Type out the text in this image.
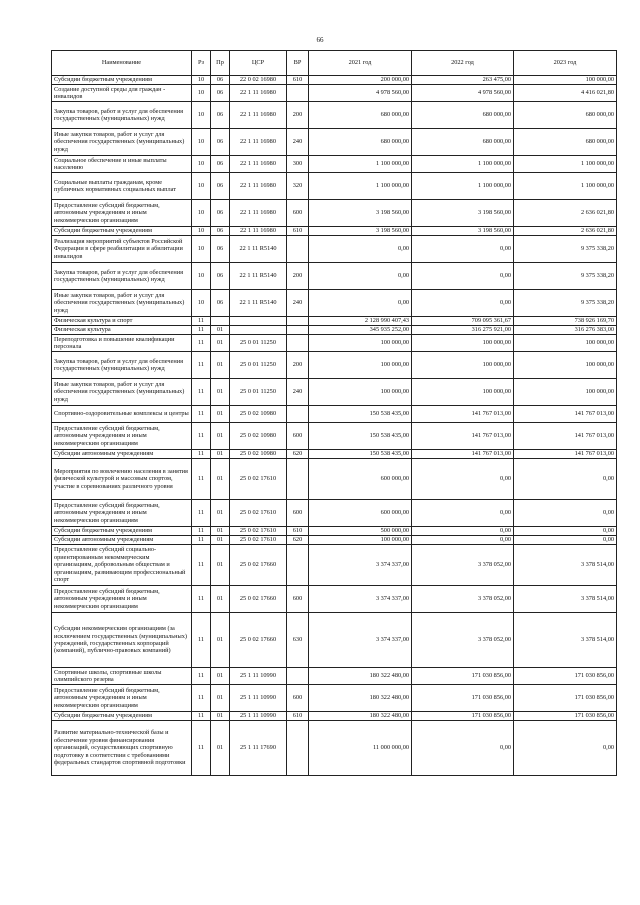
66
Наименование	Рз	Пр	ЦСР	ВР	2021 год	2022 год	2023 год
Субсидии бюджетным учреждениям	10	06	22 0 02 16980	610	200 000,00	263 475,00	100 000,00
Создание доступной среды для граждан - инвалидов	10	06	22 1 11 16980		4 978 560,00	4 978 560,00	4 416 021,80
Закупка товаров, работ и услуг для обеспечения государственных (муниципальных) нужд	10	06	22 1 11 16980	200	680 000,00	680 000,00	680 000,00
Иные закупки товаров, работ и услуг для обеспечения государственных (муниципальных) нужд	10	06	22 1 11 16980	240	680 000,00	680 000,00	680 000,00
Социальное обеспечение и иные выплаты населению	10	06	22 1 11 16980	300	1 100 000,00	1 100 000,00	1 100 000,00
Социальные выплаты гражданам, кроме публичных нормативных социальных выплат	10	06	22 1 11 16980	320	1 100 000,00	1 100 000,00	1 100 000,00
Предоставление субсидий бюджетным, автономным учреждениям и иным некоммерческим организациям	10	06	22 1 11 16980	600	3 198 560,00	3 198 560,00	2 636 021,80
Субсидии бюджетным учреждениям	10	06	22 1 11 16980	610	3 198 560,00	3 198 560,00	2 636 021,80
Реализация мероприятий субъектов Российской Федерации в сфере реабилитации и абилитации инвалидов	10	06	22 1 11 R5140		0,00	0,00	9 375 338,20
Закупка товаров, работ и услуг для обеспечения государственных (муниципальных) нужд	10	06	22 1 11 R5140	200	0,00	0,00	9 375 338,20
Иные закупки товаров, работ и услуг для обеспечения государственных (муниципальных) нужд	10	06	22 1 11 R5140	240	0,00	0,00	9 375 338,20
Физическая культура и спорт	11				2 128 990 407,43	709 095 361,67	738 926 169,70
Физическая культура	11	01			345 935 252,00	316 275 921,00	316 276 383,00
Переподготовка и повышение квалификации персонала	11	01	25 0 01 11250		100 000,00	100 000,00	100 000,00
Закупка товаров, работ и услуг для обеспечения государственных (муниципальных) нужд	11	01	25 0 01 11250	200	100 000,00	100 000,00	100 000,00
Иные закупки товаров, работ и услуг для обеспечения государственных (муниципальных) нужд	11	01	25 0 01 11250	240	100 000,00	100 000,00	100 000,00
Спортивно-оздоровительные комплексы и центры	11	01	25 0 02 10980		150 538 435,00	141 767 013,00	141 767 013,00
Предоставление субсидий бюджетным, автономным учреждениям и иным некоммерческим организациям	11	01	25 0 02 10980	600	150 538 435,00	141 767 013,00	141 767 013,00
Субсидии автономным учреждениям	11	01	25 0 02 10980	620	150 538 435,00	141 767 013,00	141 767 013,00
Мероприятия по вовлечению населения в занятия физической культурой и массовым спортом, участие в соревнованиях различного уровня	11	01	25 0 02 17610		600 000,00	0,00	0,00
Предоставление субсидий бюджетным, автономным учреждениям и иным некоммерческим организациям	11	01	25 0 02 17610	600	600 000,00	0,00	0,00
Субсидии бюджетным учреждениям	11	01	25 0 02 17610	610	500 000,00	0,00	0,00
Субсидии автономным учреждениям	11	01	25 0 02 17610	620	100 000,00	0,00	0,00
Предоставление субсидий социально-ориентированным некоммерческим организациям, добровольным обществам и организациям, развивающим профессиональный спорт	11	01	25 0 02 17660		3 374 337,00	3 378 052,00	3 378 514,00
Предоставление субсидий бюджетным, автономным учреждениям и иным некоммерческим организациям	11	01	25 0 02 17660	600	3 374 337,00	3 378 052,00	3 378 514,00
Субсидии некоммерческим организациям (за исключением государственных (муниципальных) учреждений, государственных корпораций (компаний), публично-правовых компаний)	11	01	25 0 02 17660	630	3 374 337,00	3 378 052,00	3 378 514,00
Спортивные школы, спортивные школы олимпийского резерва	11	01	25 1 11 10990		180 322 480,00	171 030 856,00	171 030 856,00
Предоставление субсидий бюджетным, автономным учреждениям и иным некоммерческим организациям	11	01	25 1 11 10990	600	180 322 480,00	171 030 856,00	171 030 856,00
Субсидии бюджетным учреждениям	11	01	25 1 11 10990	610	180 322 480,00	171 030 856,00	171 030 856,00
Развитие материально-технической базы и обеспечение уровня финансирования организаций, осуществляющих спортивную подготовку в соответствии с требованиями федеральных стандартов спортивной подготовки	11	01	25 1 11 17690		11 000 000,00	0,00	0,00
